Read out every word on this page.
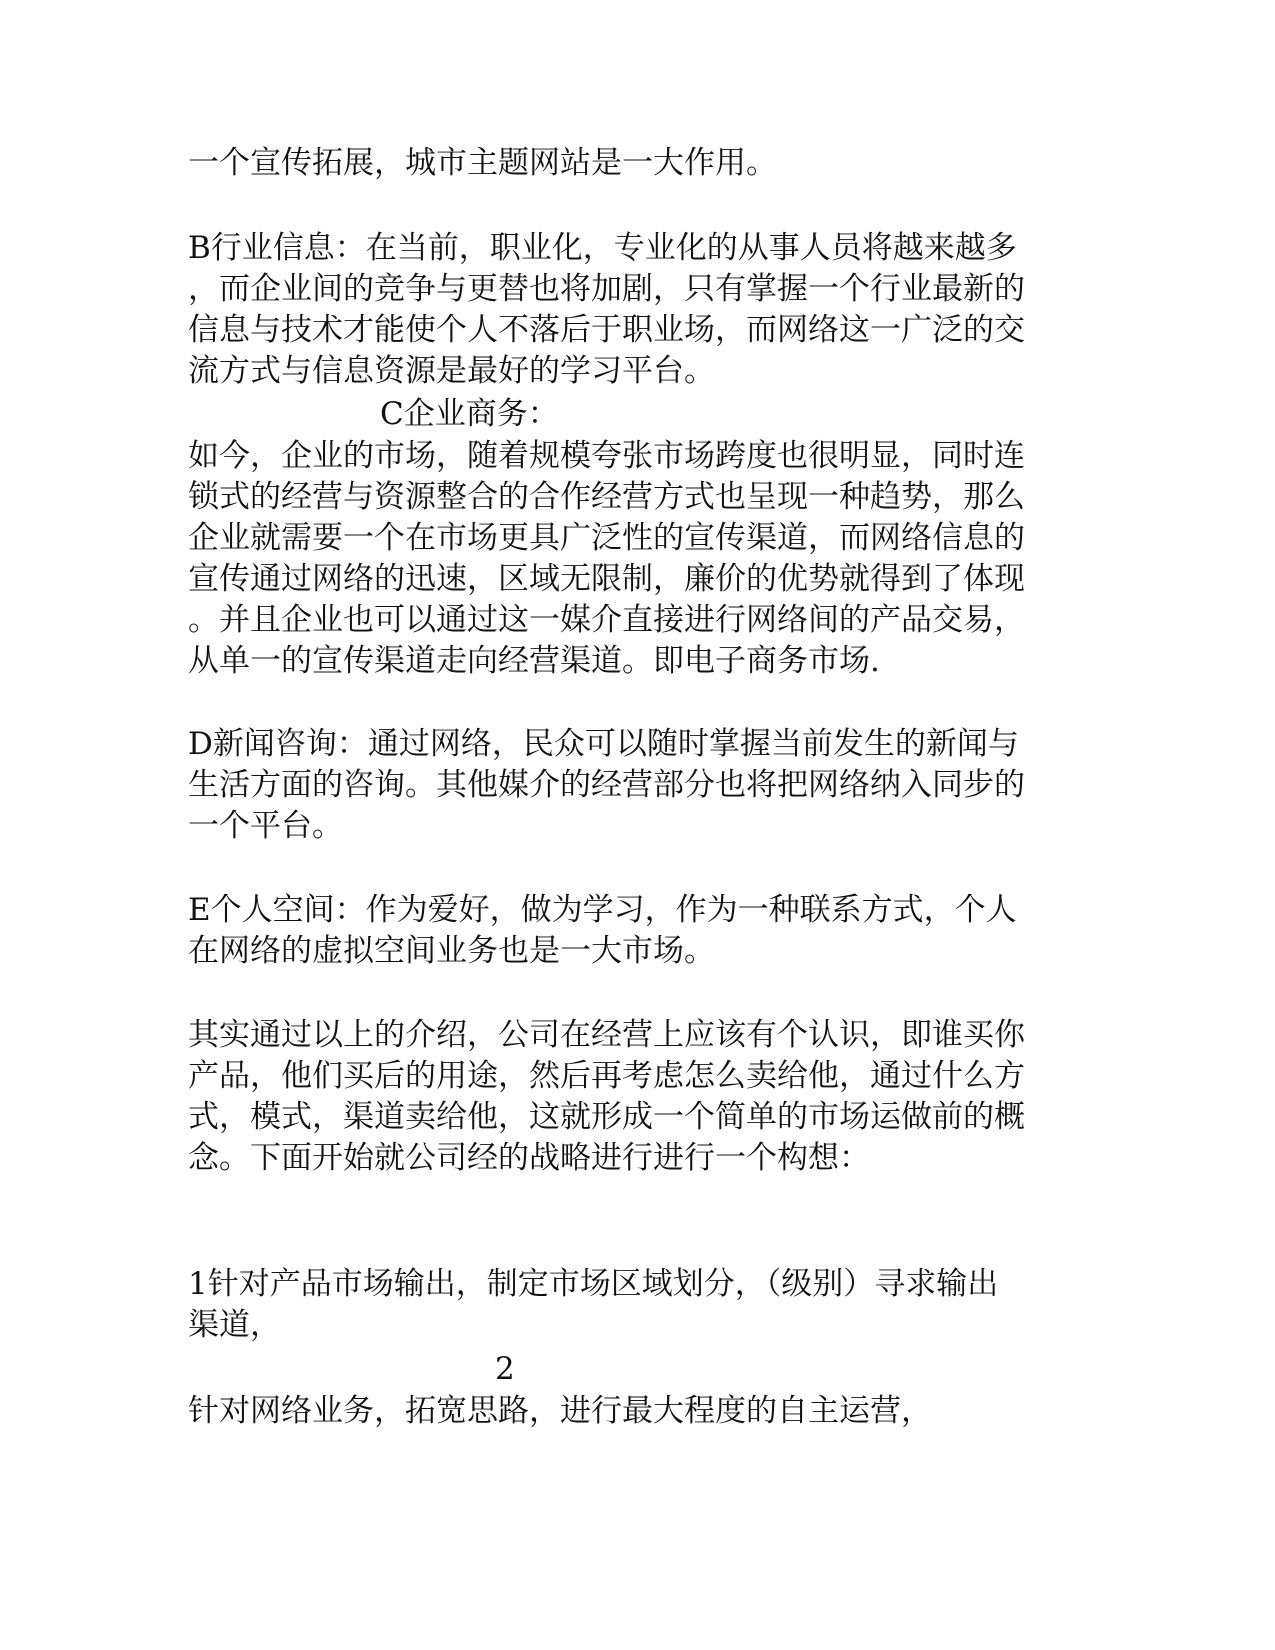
一个宣传拓展，城市主题网站是一大作用。

B行业信息：在当前，职业化，专业化的从事人员将越来越多

，而企业间的竞争与更替也将加剧，只有掌握一个行业最新的

信息与技术才能使个人不落后于职业场，而网络这一广泛的交

流方式与信息资源是最好的学习平台。

C企业商务：

如今，企业的市场，随着规模夸张市场跨度也很明显，同时连

锁式的经营与资源整合的合作经营方式也呈现一种趋势，那么

企业就需要一个在市场更具广泛性的宣传渠道，而网络信息的

宣传通过网络的迅速，区域无限制，廉价的优势就得到了体现

。并且企业也可以通过这一媒介直接进行网络间的产品交易，

从单一的宣传渠道走向经营渠道。即电子商务市场.

D新闻咨询：通过网络，民众可以随时掌握当前发生的新闻与

生活方面的咨询。其他媒介的经营部分也将把网络纳入同步的

一个平台。

E个人空间：作为爱好，做为学习，作为一种联系方式，个人

在网络的虚拟空间业务也是一大市场。

其实通过以上的介绍，公司在经营上应该有个认识，即谁买你

产品，他们买后的用途，然后再考虑怎么卖给他，通过什么方

式，模式，渠道卖给他，这就形成一个简单的市场运做前的概

念。下面开始就公司经的战略进行进行一个构想：

1针对产品市场输出，制定市场区域划分，（级别）寻求输出

渠道，

2

针对网络业务，拓宽思路，进行最大程度的自主运营，
